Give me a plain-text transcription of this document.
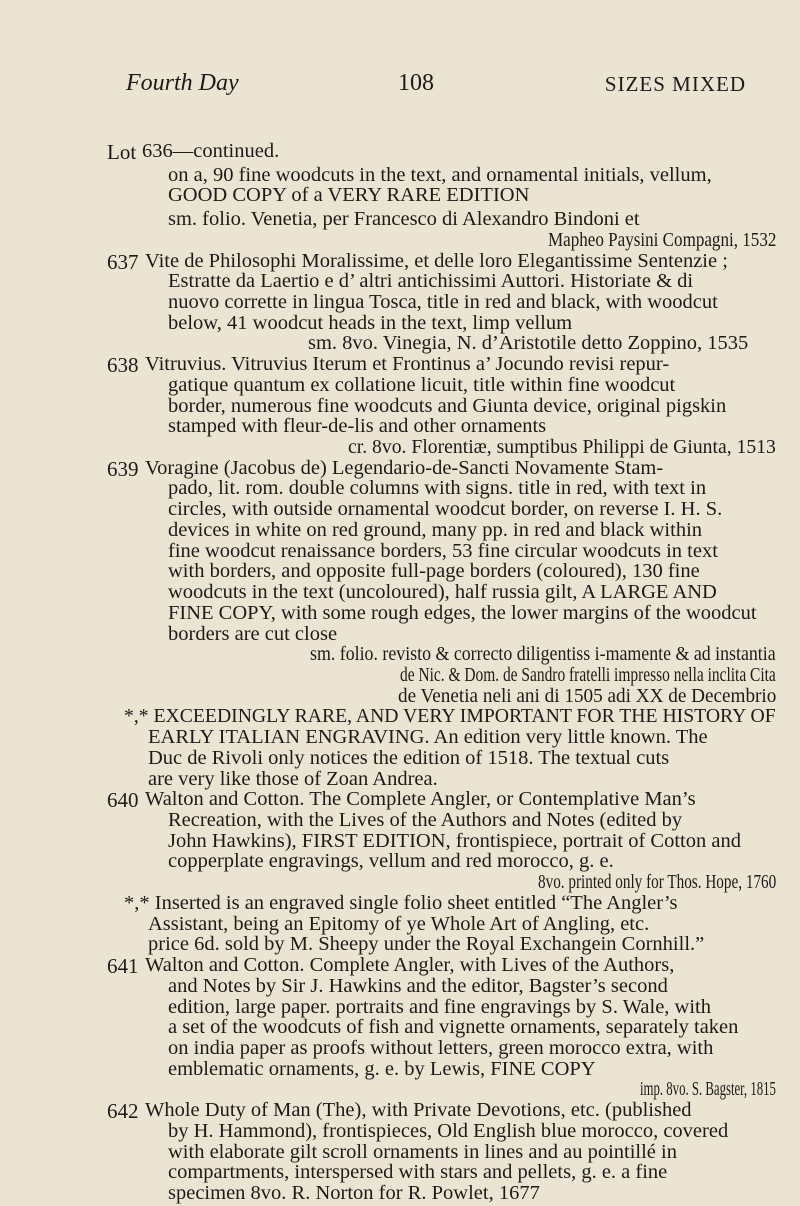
Fourth Day	108	SIZES MIXED
Lot 636—continued.
on a, 90 fine woodcuts in the text, and ornamental initials, vellum,
GOOD COPY of a VERY RARE EDITION
sm. folio. Venetia, per Francesco di Alexandro Bindoni et
Mapheo Paysini Compagni, 1532
637 Vite de Philosophi Moralissime, et delle loro Elegantissime Sentenzie ;
Estratte da Laertio e d’ altri antichissimi Auttori. Historiate & di
nuovo corrette in lingua Tosca, title in red and black, with woodcut
below, 41 woodcut heads in the text, limp vellum
sm. 8vo. Vinegia, N. d’Aristotile detto Zoppino, 1535
638 Vitruvius. Vitruvius Iterum et Frontinus a’ Jocundo revisi repur-
gatique quantum ex collatione licuit, title within fine woodcut
border, numerous fine woodcuts and Giunta device, original pigskin
stamped with fleur-de-lis and other ornaments
cr. 8vo. Florentiæ, sumptibus Philippi de Giunta, 1513
639 Voragine (Jacobus de) Legendario-de-Sancti Novamente Stam-
pado, lit. rom. double columns with signs. title in red, with text in
circles, with outside ornamental woodcut border, on reverse I. H. S.
devices in white on red ground, many pp. in red and black within
fine woodcut renaissance borders, 53 fine circular woodcuts in text
with borders, and opposite full-page borders (coloured), 130 fine
woodcuts in the text (uncoloured), half russia gilt, A LARGE AND
FINE COPY, with some rough edges, the lower margins of the woodcut
borders are cut close
sm. folio. revisto & correcto diligentiss i-mamente & ad instantia
de Nic. & Dom. de Sandro fratelli impresso nella inclita Cita
de Venetia neli ani di 1505 adi XX de Decembrio
*,* EXCEEDINGLY RARE, AND VERY IMPORTANT FOR THE HISTORY OF
EARLY ITALIAN ENGRAVING. An edition very little known. The
Duc de Rivoli only notices the edition of 1518. The textual cuts
are very like those of Zoan Andrea.
640 Walton and Cotton. The Complete Angler, or Contemplative Man’s
Recreation, with the Lives of the Authors and Notes (edited by
John Hawkins), FIRST EDITION, frontispiece, portrait of Cotton and
copperplate engravings, vellum and red morocco, g. e.
8vo. printed only for Thos. Hope, 1760
*,* Inserted is an engraved single folio sheet entitled “The Angler’s
Assistant, being an Epitomy of ye Whole Art of Angling, etc.
price 6d. sold by M. Sheepy under the Royal Exchangein Cornhill.”
641 Walton and Cotton. Complete Angler, with Lives of the Authors,
and Notes by Sir J. Hawkins and the editor, Bagster’s second
edition, large paper. portraits and fine engravings by S. Wale, with
a set of the woodcuts of fish and vignette ornaments, separately taken
on india paper as proofs without letters, green morocco extra, with
emblematic ornaments, g. e. by Lewis, FINE COPY
imp. 8vo. S. Bagster, 1815
642 Whole Duty of Man (The), with Private Devotions, etc. (published
by H. Hammond), frontispieces, Old English blue morocco, covered
with elaborate gilt scroll ornaments in lines and au pointillé in
compartments, interspersed with stars and pellets, g. e. a fine
specimen 8vo. R. Norton for R. Powlet, 1677
